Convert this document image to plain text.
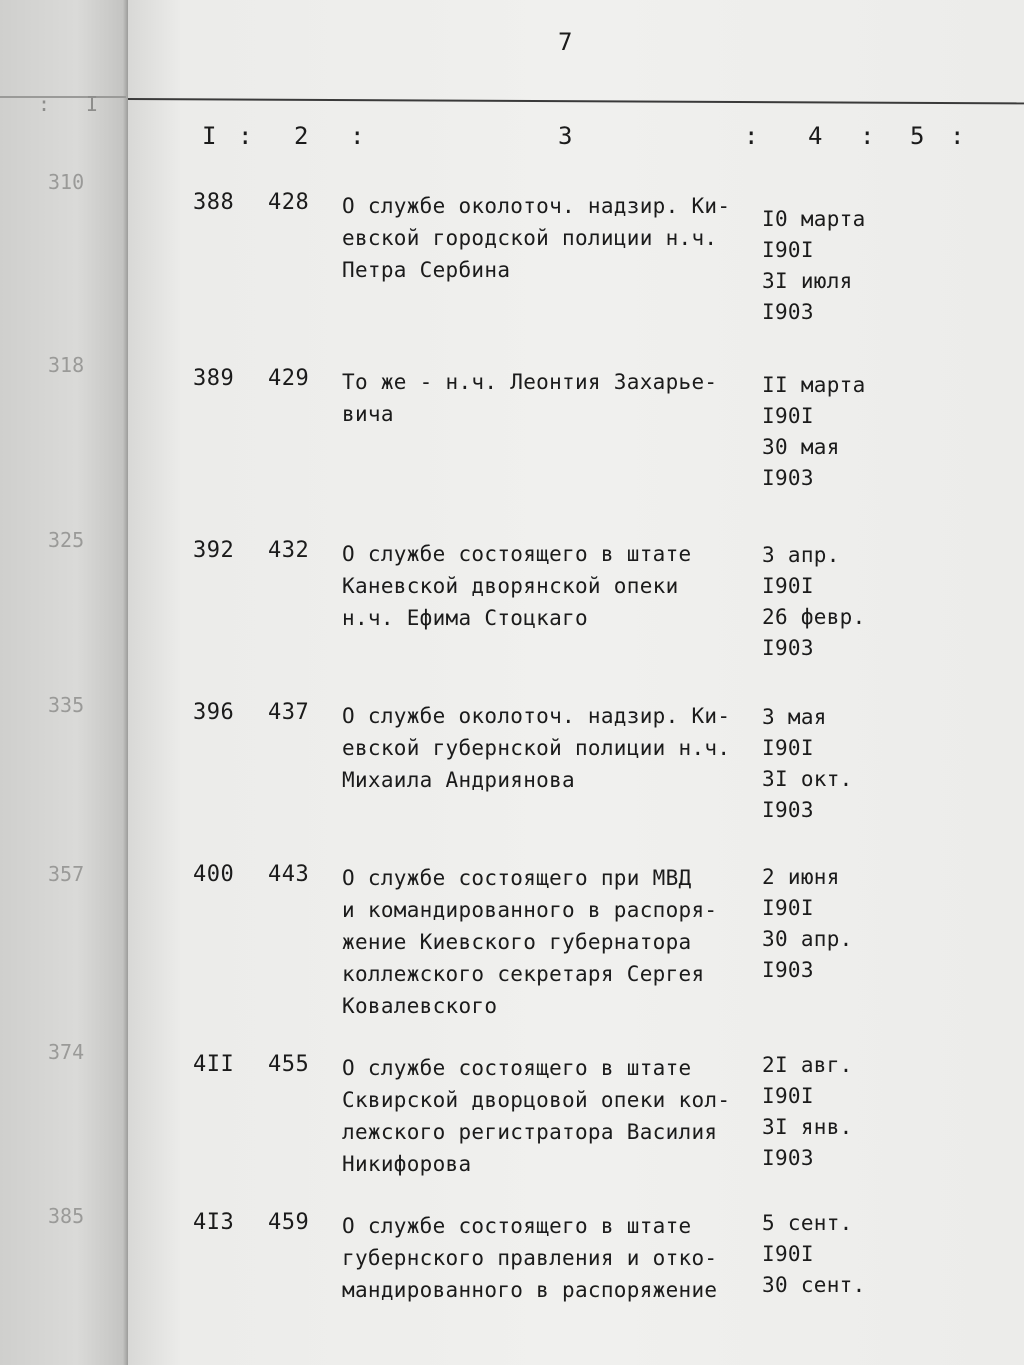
: I
310
318
325
335
357
374
385
7
I : 2 :	3	: 4 : 5 :
388 428 О службе околоточ. надзир. Ки-
евской городской полиции н.ч.
Петра Сербина
I0 марта
I90I
3I июля
I903
389 429 То же - н.ч. Леонтия Захарье-
вича
II марта
I90I
30 мая
I903
392 432 О службе состоящего в штате
Каневской дворянской опеки
н.ч. Ефима Стоцкаго
3 апр.
I90I
26 февр.
I903
396 437 О службе околоточ. надзир. Ки-
евской губернской полиции н.ч.
Михаила Андриянова
3 мая
I90I
3I окт.
I903
400 443 О службе состоящего при МВД
и командированного в распоря-
жение Киевского губернатора
коллежского секретаря Сергея
Ковалевского
2 июня
I90I
30 апр.
I903
4II 455 О службе состоящего в штате
Сквирской дворцовой опеки кол-
лежского регистратора Василия
Никифорова
2I авг.
I90I
3I янв.
I903
4I3 459 О службе состоящего в штате
губернского правления и отко-
мандированного в распоряжение
5 сент.
I90I
30 сент.
